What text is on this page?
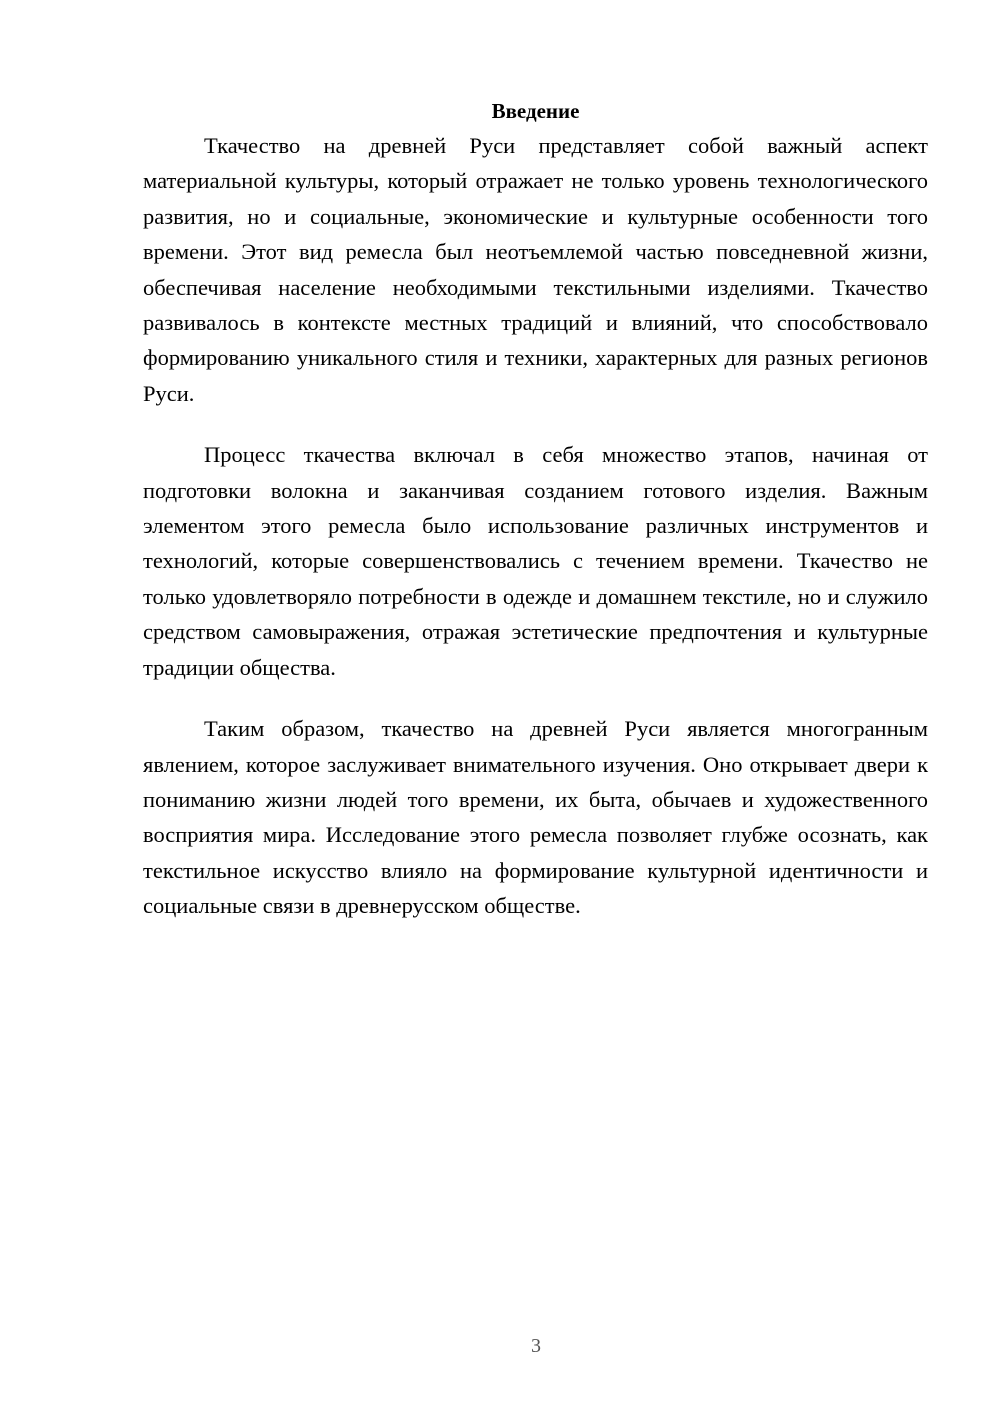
Введение

Ткачество на древней Руси представляет собой важный аспект материальной культуры, который отражает не только уровень технологического развития, но и социальные, экономические и культурные особенности того времени. Этот вид ремесла был неотъемлемой частью повседневной жизни, обеспечивая население необходимыми текстильными изделиями. Ткачество развивалось в контексте местных традиций и влияний, что способствовало формированию уникального стиля и техники, характерных для разных регионов Руси.

Процесс ткачества включал в себя множество этапов, начиная от подготовки волокна и заканчивая созданием готового изделия. Важным элементом этого ремесла было использование различных инструментов и технологий, которые совершенствовались с течением времени. Ткачество не только удовлетворяло потребности в одежде и домашнем текстиле, но и служило средством самовыражения, отражая эстетические предпочтения и культурные традиции общества.

Таким образом, ткачество на древней Руси является многогранным явлением, которое заслуживает внимательного изучения. Оно открывает двери к пониманию жизни людей того времени, их быта, обычаев и художественного восприятия мира. Исследование этого ремесла позволяет глубже осознать, как текстильное искусство влияло на формирование культурной идентичности и социальные связи в древнерусском обществе.

3
